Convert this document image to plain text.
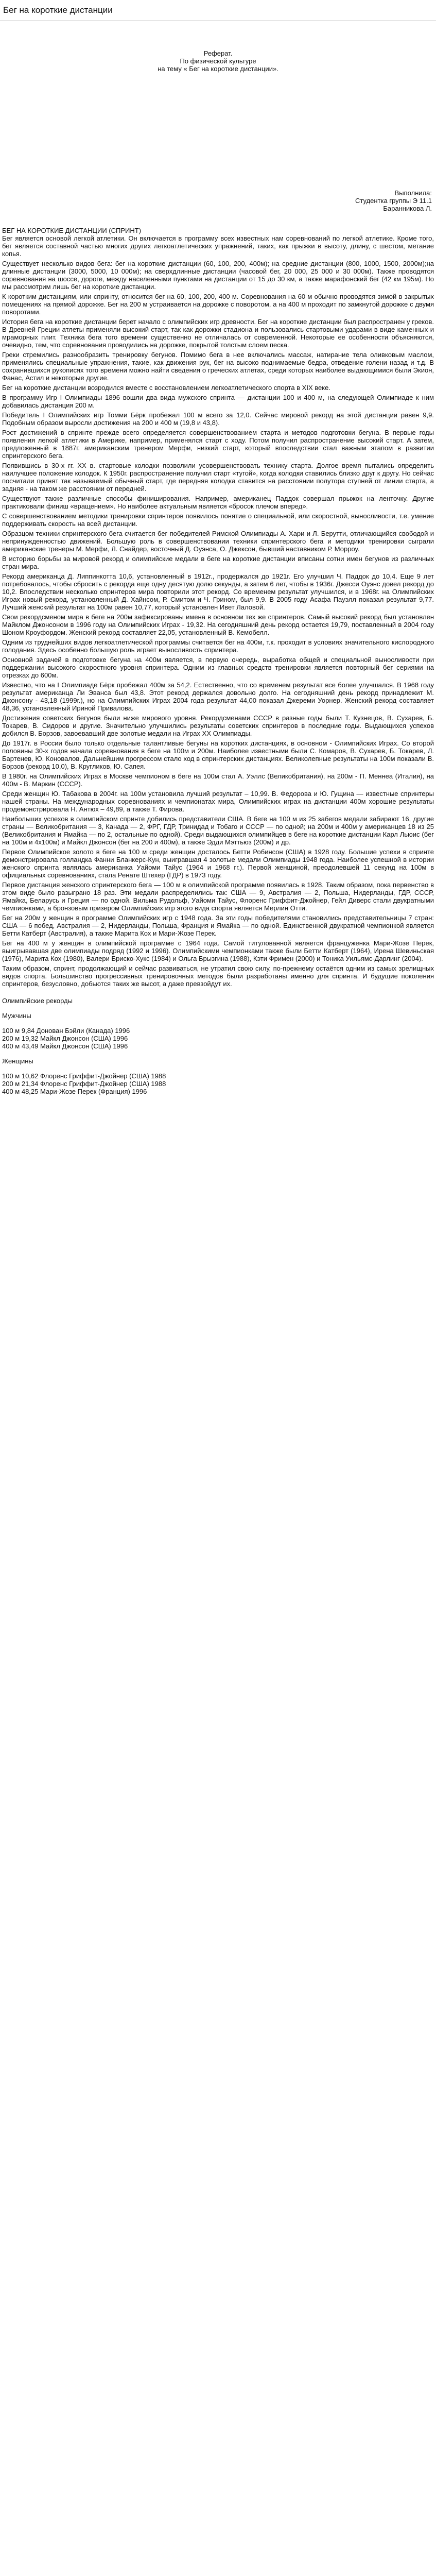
Бег на короткие дистанции
Реферат.
По физической культуре
на тему « Бег на короткие дистанции».
Выполнила:
Студентка группы Э 11.1
Баранникова Л.
БЕГ НА КОРОТКИЕ ДИСТАНЦИИ (СПРИНТ)

Бег является основой легкой атлетики. Он включается в программу всех известных нам соревнований по легкой атлетике. Кроме того, бег является составной частью многих других легкоатлетических упражнений, таких, как прыжки в высоту, длину, с шестом, метание копья.

Существует несколько видов бега: бег на короткие дистанции (60, 100, 200, 400м); на средние дистанции (800, 1000, 1500, 2000м);на длинные дистанции (3000, 5000, 10 000м); на сверхдлинные дистанции (часовой бег, 20 000, 25 000 и 30 000м). Также проводятся соревнования на шоссе, дороге, между населенными пунктами на дистанции от 15 до 30 км, а также марафонский бег (42 км 195м). Но мы рассмотрим лишь бег на короткие дистанции.

К коротким дистанциям, или спринту, относится бег на 60, 100, 200, 400 м. Соревнования на 60 м обычно проводятся зимой в закрытых помещениях на прямой дорожке. Бег на 200 м устраивается на дорожке с поворотом, а на 400 м проходит по замкнутой дорожке с двумя поворотами.

История бега на короткие дистанции берет начало с олимпийских игр древности. Бег на короткие дистанции был распространен у греков. В Древней Греции атлеты применяли высокий старт, так как дорожки стадиона и пользовались стартовыми ударами в виде каменных и мраморных плит. Техника бега того времени существенно не отличалась от современной. Некоторые ее особенности объясняются, очевидно, тем, что соревнования проводились на дорожке, покрытой толстым слоем песка.

Греки стремились разнообразить тренировку бегунов. Помимо бега в нее включались массаж, натирание тела оливковым маслом, применялись специальные упражнения, такие, как движения рук, бег на высоко поднимаемые бедра, отведение голени назад и т.д. В сохранившихся рукописях того времени можно найти сведения о греческих атлетах, среди которых наиболее выдающимися были Экион, Фанас, Астил и некоторые другие.

Бег на короткие дистанции возродился вместе с восстановлением легкоатлетического спорта в XIX веке.

В программу Игр I Олимпиады 1896 вошли два вида мужского спринта — дистанции 100 и 400 м, на следующей Олимпиаде к ним добавилась дистанция 200 м.

Победитель I Олимпийских игр Томми Бёрк пробежал 100 м всего за 12,0. Сейчас мировой рекорд на этой дистанции равен 9,9. Подобным образом выросли достижения на 200 и 400 м (19,8 и 43,8).

Рост достижений в спринте прежде всего определяется совершенствованием старта и методов подготовки бегуна. В первые годы появления легкой атлетики в Америке, например, применялся старт с ходу. Потом получил распространение высокий старт. А затем, предложенный в 1887г. американским тренером Мерфи, низкий старт, который впоследствии стал важным этапом в развитии спринтерского бега.

Появившись в 30-х гг. XX в. стартовые колодки позволили усовершенствовать технику старта. Долгое время пытались определить наилучшее положение колодок. К 1950г. распространение получил старт «тугой», когда колодки ставились близко друг к другу. Но сейчас посчитали принят так называемый обычный старт, где передняя колодка ставится на расстоянии полутора ступней от линии старта, а задняя - на таком же расстоянии от передней.

Существуют также различные способы финиширования. Например, американец Паддок совершал прыжок на ленточку. Другие практиковали финиш «вращением». Но наиболее актуальным является «бросок плечом вперед».

С совершенствованием методики тренировки спринтеров появилось понятие о специальной, или скоростной, выносливости, т.е. умение поддерживать скорость на всей дистанции.

Образцом техники спринтерского бега считается бег победителей Римской Олимпиады А. Хари и Л. Берутти, отличающийся свободой и непринужденностью движений. Большую роль в совершенствовании техники спринтерского бега и методики тренировки сыграли американские тренеры М. Мерфи, Л. Снайдер, восточный Д. Оуэнса, О. Джексон, бывший наставником Р. Морроу.

В историю борьбы за мировой рекорд и олимпийские медали в беге на короткие дистанции вписаны сотни имен бегунов из различных стран мира.

Рекорд американца Д. Липпинкотта 10,6, установленный в 1912г., продержался до 1921г. Его улучшил Ч. Паддок до 10,4. Еще 9 лет потребовалось, чтобы сбросить с рекорда еще одну десятую долю секунды, а затем 6 лет, чтобы в 1936г. Джесси Оуэнс довел рекорд до 10,2. Впоследствии несколько спринтеров мира повторили этот рекорд. Со временем результат улучшился, и в 1968г. на Олимпийских Играх новый рекорд, установленный Д. Хайнсом, Р. Смитом и Ч. Грином, был 9,9. В 2005 году Асафа Пауэлл показал результат 9,77. Лучший женский результат на 100м равен 10,77, который установлен Ивет Лаловой.

Свои рекордсменом мира в беге на 200м зафиксированы имена в основном тех же спринтеров. Самый высокий рекорд был установлен Майклом Джонсоном в 1996 году на Олимпийских Играх - 19,32. На сегодняшний день рекорд остается 19,79, поставленный в 2004 году Шоном Кроуфордом. Женский рекорд составляет 22,05, установленный В. Кемобелл.

Одним из труднейших видов легкоатлетической программы считается бег на 400м, т.к. проходит в условиях значительного кислородного голодания. Здесь особенно большую роль играет выносливость спринтера.

Основной задачей в подготовке бегуна на 400м является, в первую очередь, выработка общей и специальной выносливости при поддержании высокого скоростного уровня спринтера. Одним из главных средств тренировки является повторный бег сериями на отрезках до 600м.

Известно, что на I Олимпиаде Бёрк пробежал 400м за 54,2. Естественно, что со временем результат все более улучшался. В 1968 году результат американца Ли Эванса был 43,8. Этот рекорд держался довольно долго. На сегодняшний день рекорд принадлежит М. Джонсону - 43,18 (1999г.), но на Олимпийских Играх 2004 года результат 44,00 показал Джереми Уорнер. Женский рекорд составляет 48,36, установленный Ириной Привалова.

Достижения советских бегунов были ниже мирового уровня. Рекордсменами СССР в разные годы были Т. Кузнецов, В. Сухарев, Б. Токарев, В. Сидоров и другие. Значительно улучшились результаты советских спринтеров в последние годы. Выдающихся успехов добился В. Борзов, завоевавший две золотые медали на Играх XX Олимпиады.

До 1917г. в России было только отдельные талантливые бегуны на коротких дистанциях, в основном - Олимпийских Играх. Со второй половины 30-х годов начала соревнования в беге на 100м и 200м. Наиболее известными были С. Комаров, В. Сухарев, Б. Токарев, Л. Бартенев, Ю. Коновалов. Дальнейшим прогрессом стало ход в спринтерских дистанциях. Великолепные результаты на 100м показали В. Борзов (рекорд 10,0), В. Кругликов, Ю. Сапея.

В 1980г. на Олимпийских Играх в Москве чемпионом в беге на 100м стал А. Уэллс (Великобритания), на 200м - П. Меннеа (Италия), на 400м - В. Маркин (СССР).

Среди женщин Ю. Табакова в 2004г. на 100м установила лучший результат – 10,99. В. Федорова и Ю. Гущина — известные спринтеры нашей страны. На международных соревнованиях и чемпионатах мира, Олимпийских играх на дистанции 400м хорошие результаты продемонстрировала Н. Антюх – 49,89, а также Т. Фирова.

Наибольших успехов в олимпийском спринте добились представители США. В беге на 100 м из 25 забегов медали забирают 16, другие страны — Великобритания — 3, Канада — 2, ФРГ, ГДР, Тринидад и Тобаго и СССР — по одной; на 200м и 400м у американцев 18 из 25 (Великобритания и Ямайка — по 2, остальные по одной). Среди выдающихся олимпийцев в беге на короткие дистанции Карл Льюис (бег на 100м и 4x100м) и Майкл Джонсон (бег на 200 и 400м), а также Эдди Мэттьюз (200м) и др.

Первое Олимпийское золото в беге на 100 м среди женщин досталось Бетти Робинсон (США) в 1928 году. Большие успехи в спринте демонстрировала голландка Фанни Бланкерс-Кун, выигравшая 4 золотые медали Олимпиады 1948 года. Наиболее успешной в истории женского спринта являлась американка Уайоми Тайус (1964 и 1968 гг.). Первой женщиной, преодолевшей 11 секунд на 100м в официальных соревнованиях, стала Ренате Штехер (ГДР) в 1973 году.

Первое дистанция женского спринтерского бега — 100 м в олимпийской программе появилась в 1928. Таким образом, пока первенство в этом виде было разыграно 18 раз. Эти медали распределились так: США — 9, Австралия — 2, Польша, Нидерланды, ГДР, СССР, Ямайка, Беларусь и Греция — по одной. Вильма Рудольф, Уайоми Тайус, Флоренс Гриффит-Джойнер, Гейл Диверс стали двукратными чемпионками, а бронзовым призером Олимпийских игр этого вида спорта является Мерлин Отти.

Бег на 200м у женщин в программе Олимпийских игр с 1948 года. За эти годы победителями становились представительницы 7 стран: США — 6 побед, Австралия — 2, Нидерланды, Польша, Франция и Ямайка — по одной. Единственной двукратной чемпионкой является Бетти Катберт (Австралия), а также Марита Кох и Мари-Жозе Перек.

Бег на 400 м у женщин в олимпийской программе с 1964 года. Самой титулованной является француженка Мари-Жозе Перек, выигрывавшая две олимпиады подряд (1992 и 1996). Олимпийскими чемпионками также были Бетти Катберт (1964), Ирена Шевиньская (1976), Марита Кох (1980), Валери Бриско-Хукс (1984) и Ольга Брызгина (1988), Кэти Фримен (2000) и Тоника Уильямс-Дарлинг (2004).

Таким образом, спринт, продолжающий и сейчас развиваться, не утратил свою силу, по-прежнему остаётся одним из самых зрелищных видов спорта. Большинство прогрессивных тренировочных методов были разработаны именно для спринта. И будущие поколения спринтеров, безусловно, добьются таких же высот, а даже превзойдут их.

Олимпийские рекорды
Мужчины
100 м 9,84 Донован Бэйли (Канада) 1996
200 м 19,32 Майкл Джонсон (США) 1996
400 м 43,49 Майкл Джонсон (США) 1996
Женщины
100 м 10,62 Флоренс Гриффит-Джойнер (США) 1988
200 м 21,34 Флоренс Гриффит-Джойнер (США) 1988
400 м 48,25 Мари-Жозе Перек (Франция) 1996
